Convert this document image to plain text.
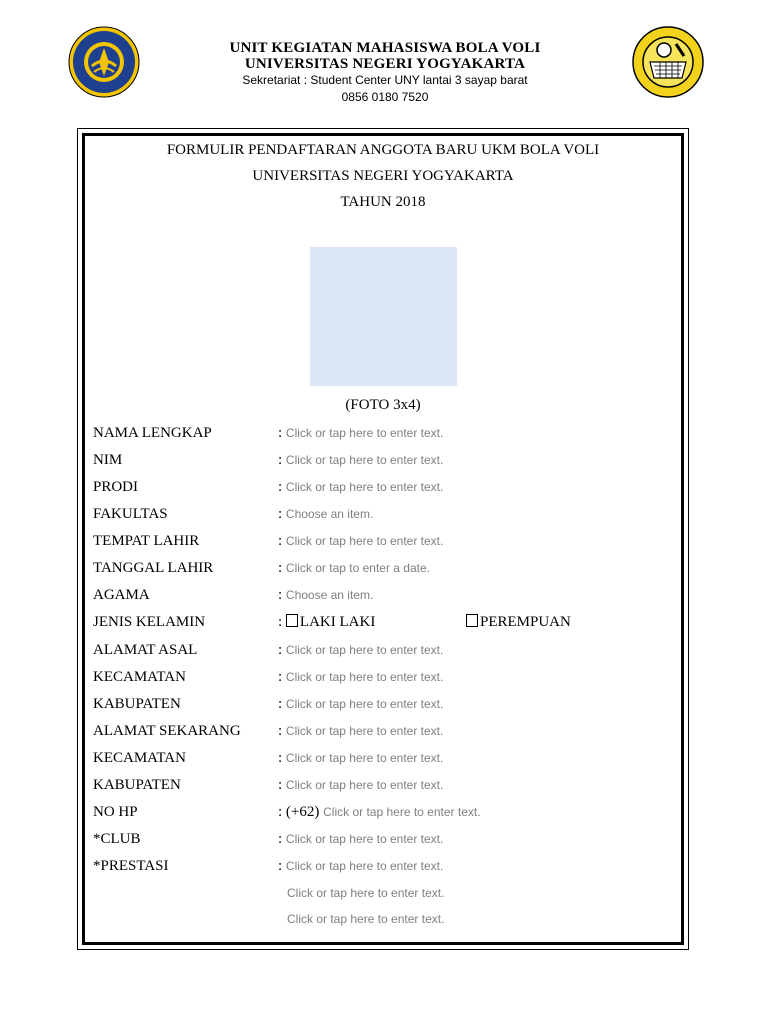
UNIT KEGIATAN MAHASISWA BOLA VOLI
UNIVERSITAS NEGERI YOGYAKARTA
Sekretariat : Student Center UNY lantai 3 sayap barat
0856 0180 7520
FORMULIR PENDAFTARAN ANGGOTA BARU UKM BOLA VOLI
UNIVERSITAS NEGERI YOGYAKARTA
TAHUN 2018
(FOTO 3x4)
NAMA LENGKAP	: Click or tap here to enter text.
NIM	: Click or tap here to enter text.
PRODI	: Click or tap here to enter text.
FAKULTAS	: Choose an item.
TEMPAT LAHIR	: Click or tap here to enter text.
TANGGAL LAHIR	: Click or tap to enter a date.
AGAMA	: Choose an item.
JENIS KELAMIN	: LAKI LAKI	PEREMPUAN
ALAMAT ASAL	: Click or tap here to enter text.
KECAMATAN	: Click or tap here to enter text.
KABUPATEN	: Click or tap here to enter text.
ALAMAT SEKARANG : Click or tap here to enter text.
KECAMATAN	: Click or tap here to enter text.
KABUPATEN	: Click or tap here to enter text.
NO HP	: (+62) Click or tap here to enter text.
*CLUB	: Click or tap here to enter text.
*PRESTASI	: Click or tap here to enter text.
Click or tap here to enter text.
Click or tap here to enter text.
